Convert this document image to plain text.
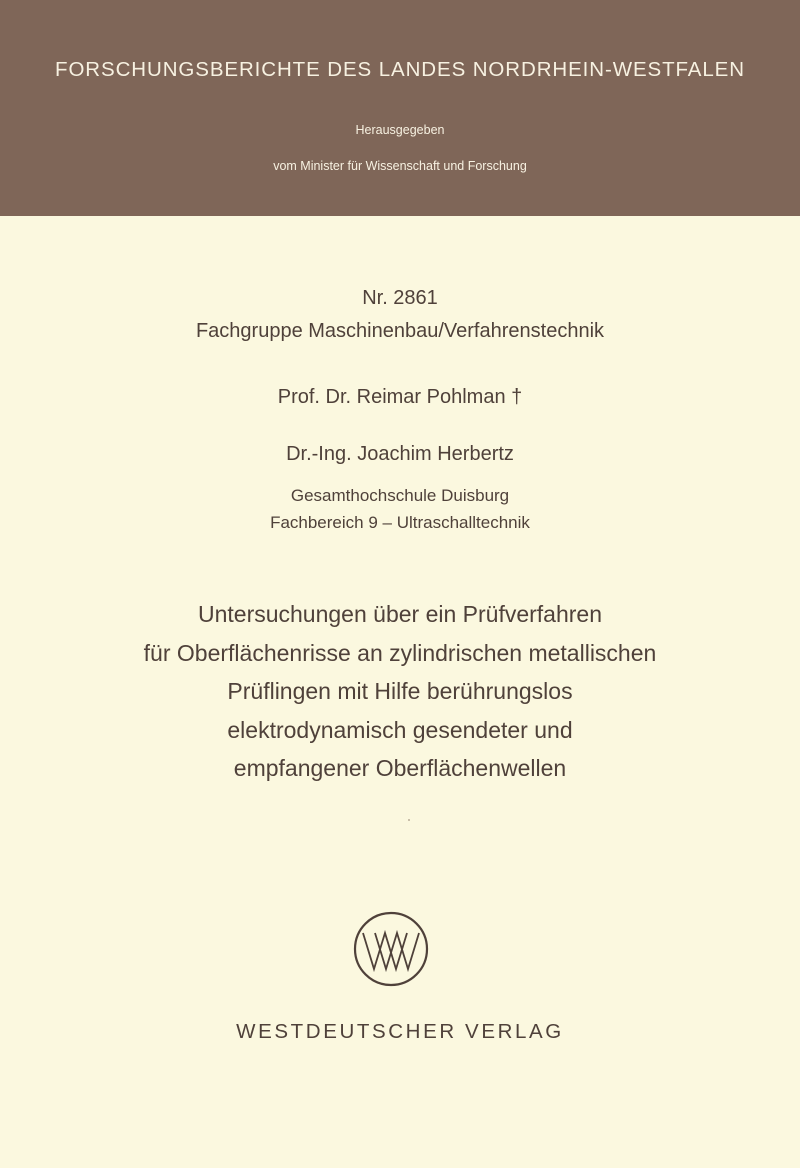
FORSCHUNGSBERICHTE DES LANDES NORDRHEIN-WESTFALEN
Herausgegeben
vom Minister für Wissenschaft und Forschung
Nr. 2861
Fachgruppe Maschinenbau/Verfahrenstechnik
Prof. Dr. Reimar Pohlman †
Dr.-Ing. Joachim Herbertz
Gesamthochschule Duisburg
Fachbereich 9 – Ultraschalltechnik
Untersuchungen über ein Prüfverfahren
für Oberflächenrisse an zylindrischen metallischen
Prüflingen mit Hilfe berührungslos
elektrodynamisch gesendeter und
empfangener Oberflächenwellen
WESTDEUTSCHER VERLAG
